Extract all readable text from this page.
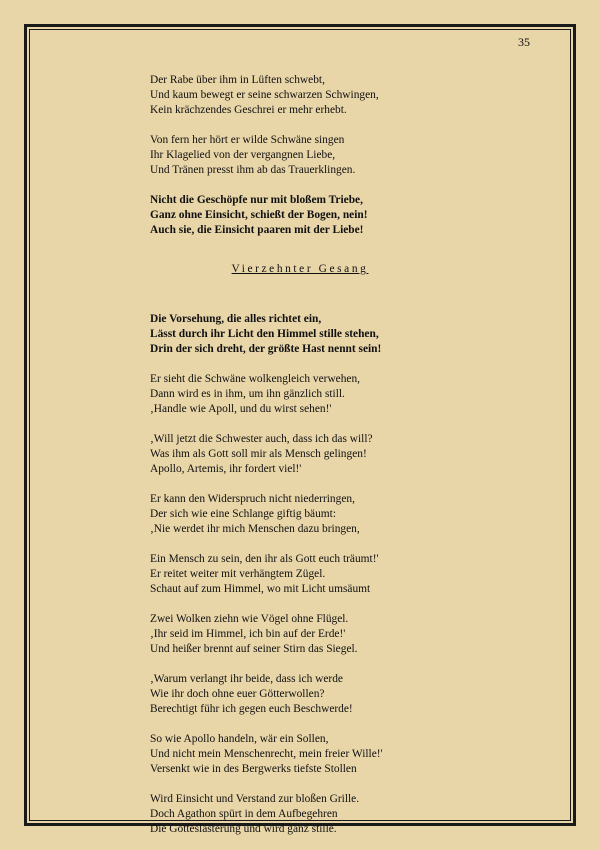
35
Der Rabe über ihm in Lüften schwebt,
Und kaum bewegt er seine schwarzen Schwingen,
Kein krächzendes Geschrei er mehr erhebt.
Von fern her hört er wilde Schwäne singen
Ihr Klagelied von der vergangnen Liebe,
Und Tränen presst ihm ab das Trauerklingen.
Nicht die Geschöpfe nur mit bloßem Triebe,
Ganz ohne Einsicht, schießt der Bogen, nein!
Auch sie, die Einsicht paaren mit der Liebe!
Vierzehnter Gesang
Die Vorsehung, die alles richtet ein,
Lässt durch ihr Licht den Himmel stille stehen,
Drin der sich dreht, der größte Hast nennt sein!
Er sieht die Schwäne wolkengleich verwehen,
Dann wird es in ihm, um ihn gänzlich still.
‚Handle wie Apoll, und du wirst sehen!'
‚Will jetzt die Schwester auch, dass ich das will?
Was ihm als Gott soll mir als Mensch gelingen!
Apollo, Artemis, ihr fordert viel!'
Er kann den Widerspruch nicht niederringen,
Der sich wie eine Schlange giftig bäumt:
‚Nie werdet ihr mich Menschen dazu bringen,
Ein Mensch zu sein, den ihr als Gott euch träumt!'
Er reitet weiter mit verhängtem Zügel.
Schaut auf zum Himmel, wo mit Licht umsäumt
Zwei Wolken ziehn wie Vögel ohne Flügel.
‚Ihr seid im Himmel, ich bin auf der Erde!'
Und heißer brennt auf seiner Stirn das Siegel.
‚Warum verlangt ihr beide, dass ich werde
Wie ihr doch ohne euer Götterwollen?
Berechtigt führ ich gegen euch Beschwerde!
So wie Apollo handeln, wär ein Sollen,
Und nicht mein Menschenrecht, mein freier Wille!'
Versenkt wie in des Bergwerks tiefste Stollen
Wird Einsicht und Verstand zur bloßen Grille.
Doch Agathon spürt in dem Aufbegehren
Die Gotteslästerung und wird ganz stille.
